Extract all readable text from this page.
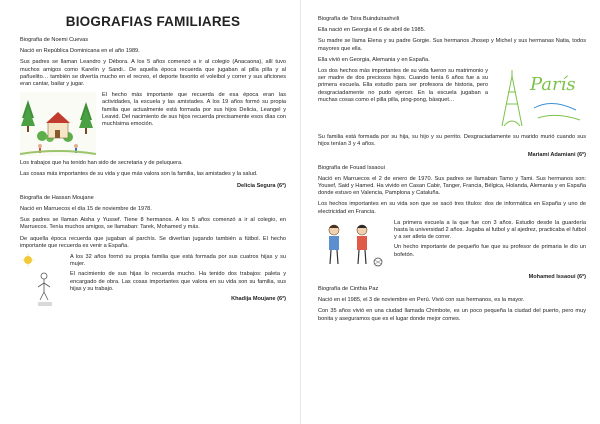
BIOGRAFIAS FAMILIARES

Biografia de Noemi Cuevas

Nació en República Dominicana en el año 1989.

Sus padres se llaman Leandro y Débora. A los 5 años comenzó a ir al colegio (Anacaona), allí tuvo muchos amigos como Karelin y Sandi.. De aquella época recuerda que jugaban al pilla pilla y al pañuelito… también se divertía mucho en el recreo, el deporte favorito el voleibol y correr y sus aficiones eran cantar, bailar y jugar.

El hecho más importante que recuerda de esa época eran las actividades, la escuela y las amistades. A los 19 años formó su propia familia que actualmente está formada por sus hijos Delicia, Leangel y Leavid. Del nacimiento de sus hijos recuerda precisamente esos días con muchísima emoción.

Los trabajos que ha tenido han sido de secretaria y de peluquera.

Las cosas más importantes de su vida y que más valora son la familia, las amistades y la salud.

Delicia Segura (6ª)

Biografía de Hassan Moujane

Nació en Marruecos el día 15 de noviembre de 1978.

Sus padres se llaman Aisha y Yussef. Tiene 8 hermanos. A los 5 años comenzó a ir al colegio, en Marruecos. Tenía muchos amigos, se llamaban: Tarek, Mohamed y más.

De aquella época recuerda que jugaban al parchís. Se divertían jugando también a fútbol. El hecho importante que recuerda es venir a España.

A los 32 años formó su propia familia que está formada por sus cuatros hijas y su mujer.

El nacimiento de sus hijas lo recuerda mucho. Ha tenido dos trabajos: paleta y encargado de obra. Las cosas importantes que valora en su vida son su familia, sus hijas y su trabajo.

Khadija Moujane (6ª)

Biografía de Tsira Buinduirashvili

Ella nació en Georgia el 6 de abril de 1985.

Su madre se llama Elena y su padre Gorgie. Sus hermanos Jhosep y Michel y sus hermanas Natia, todos mayores que ella.

Ella vivió en Georgia, Alemania y en España.

Los dos hechos más importantes de su vida fueron su matrimonio y ser madre de dos preciosos hijos. Cuando tenía 6 años fue a su primera escuela. Ella estudio para ser profesora de historia, pero desgraciadamente no pudo ejercer. En la escuela jugaban a muchas cosas como el pilla pilla, ping-pong, básquet…

París

Su familia está formada por su hija, su hijo y su perrito. Desgraciadamente su marido murió cuando sus hijos tenían 3 y 4 años.

Mariami Adamiani (6ª)

Biografía de Fouad Issaoui

Nació en Marruecos el 2 de enero de 1970. Sus padres se llamaban Tamo y Tami. Sus hermanos son: Yousef, Said y Hamed. Ha vivido en Casan Cabir, Tanger, Francia, Bélgica, Holanda, Alemania y en España donde estuvo en Valencia, Pamplona y Cataluña.

Los hechos importantes en su vida son que se sacó tres títulos: dos de informática en España y uno de electricidad en Francia.

La primera escuela a la que fue con 3 años. Estudio desde la guardería hasta la universidad 2 años. Jugaba al futbol y al ajedrez, practicaba el futbol y a ser atleta de correr.

Un hecho importante de pequeño fue que su profesor de primaria le dio un bofetón.

Mohamed Issaoui (6ª)

Biografía de Cinthia Paz

Nació en el 1985, el 3 de noviembre en Perú. Vivió con sus hermanos, es la mayor.

Con 35 años vivió en una ciudad llamada Chimbote, es un poco pequeña la ciudad del puerto, pero muy bonita y aseguramos que es el lugar donde mejor comes.
